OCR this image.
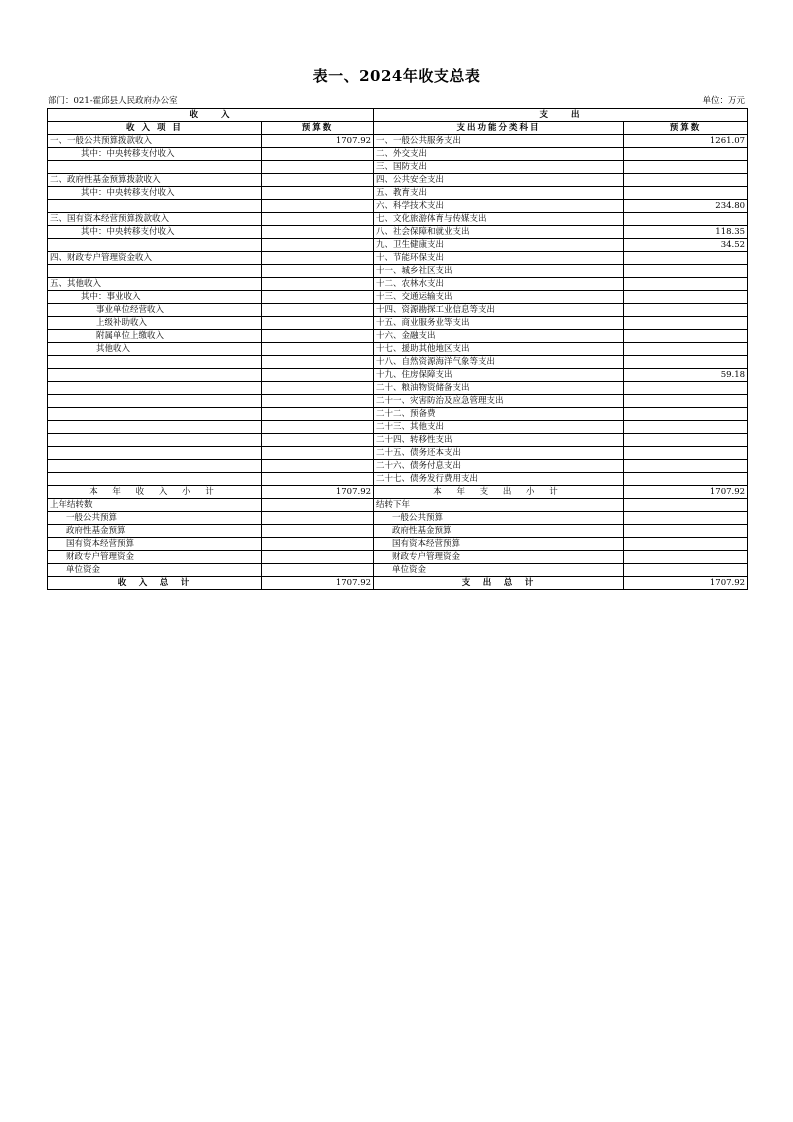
表一、2024年收支总表
部门：021-霍邱县人民政府办公室	单位：万元
收　　入		支　　出	
收 入 项 目	预算数	支出功能分类科目	预算数
一、一般公共预算拨款收入	1707.92	一、一般公共服务支出	1261.07
其中：中央转移支付收入		二、外交支出	
		三、国防支出	
二、政府性基金预算拨款收入		四、公共安全支出	
其中：中央转移支付收入		五、教育支出	
		六、科学技术支出	234.80
三、国有资本经营预算拨款收入		七、文化旅游体育与传媒支出	
其中：中央转移支付收入		八、社会保障和就业支出	118.35
		九、卫生健康支出	34.52
四、财政专户管理资金收入		十、节能环保支出	
		十一、城乡社区支出	
五、其他收入		十二、农林水支出	
其中：事业收入		十三、交通运输支出	
事业单位经营收入		十四、资源勘探工业信息等支出	
上级补助收入		十五、商业服务业等支出	
附属单位上缴收入		十六、金融支出	
其他收入		十七、援助其他地区支出	
		十八、自然资源海洋气象等支出	
		十九、住房保障支出	59.18
		二十、粮油物资储备支出	
		二十一、灾害防治及应急管理支出	
		二十二、预备费	
		二十三、其他支出	
		二十四、转移性支出	
		二十五、债务还本支出	
		二十六、债务付息支出	
		二十七、债务发行费用支出	
本 年 收 入 小 计	1707.92	本 年 支 出 小 计	1707.92
上年结转数		结转下年	
一般公共预算		一般公共预算	
政府性基金预算		政府性基金预算	
国有资本经营预算		国有资本经营预算	
财政专户管理资金		财政专户管理资金	
单位资金		单位资金	
收　入　总　计	1707.92	支　出　总　计	1707.92
